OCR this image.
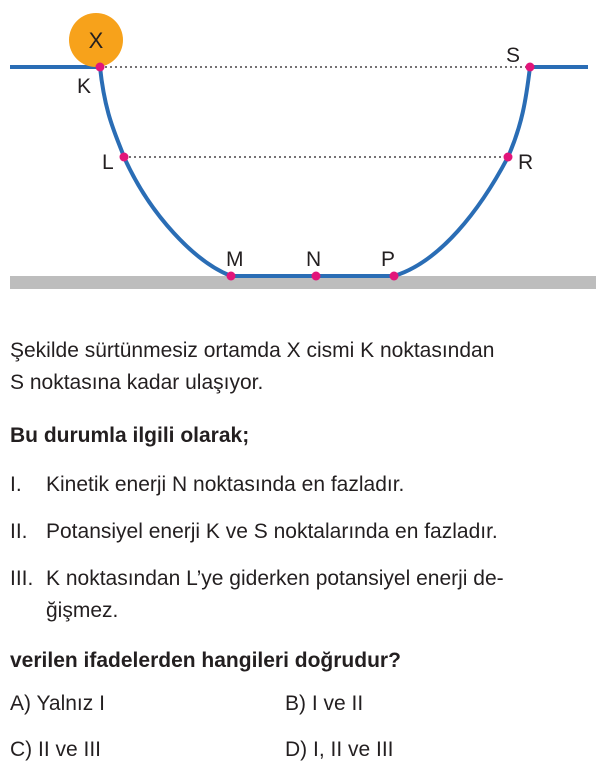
X
K
L
M	N	P
R
S

Şekilde sürtünmesiz ortamda X cismi K noktasından

S noktasına kadar ulaşıyor.

Bu durumla ilgili olarak;

I. Kinetik enerji N noktasında en fazladır.

II. Potansiyel enerji K ve S noktalarında en fazladır.

III. K noktasından L’ye giderken potansiyel enerji de-

ğişmez.

verilen ifadelerden hangileri doğrudur?

A) Yalnız I	B) I ve II
C) II ve III	D) I, II ve III
